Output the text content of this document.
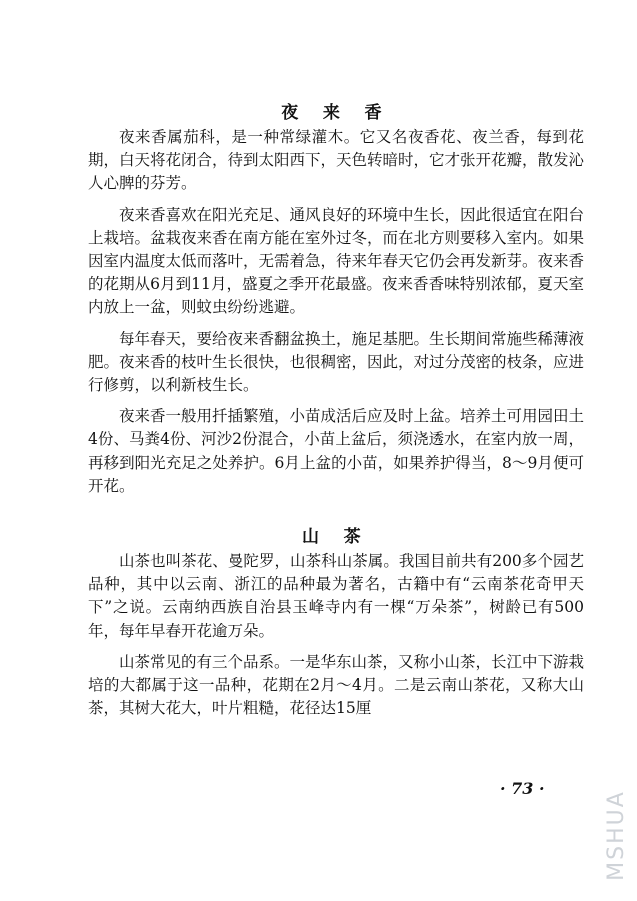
夜 来 香

夜来香属茄科，是一种常绿灌木。它又名夜香花、夜兰香，每到花期，白天将花闭合，待到太阳西下，天色转暗时，它才张开花瓣，散发沁人心脾的芬芳。

夜来香喜欢在阳光充足、通风良好的环境中生长，因此很适宜在阳台上栽培。盆栽夜来香在南方能在室外过冬，而在北方则要移入室内。如果因室内温度太低而落叶，无需着急，待来年春天它仍会再发新芽。夜来香的花期从6月到11月，盛夏之季开花最盛。夜来香香味特别浓郁，夏天室内放上一盆，则蚊虫纷纷逃避。

每年春天，要给夜来香翻盆换土，施足基肥。生长期间常施些稀薄液肥。夜来香的枝叶生长很快，也很稠密，因此，对过分茂密的枝条，应进行修剪，以利新枝生长。

夜来香一般用扦插繁殖，小苗成活后应及时上盆。培养土可用园田土4份、马粪4份、河沙2份混合，小苗上盆后，须浇透水，在室内放一周，再移到阳光充足之处养护。6月上盆的小苗，如果养护得当，8～9月便可开花。

山 茶

山茶也叫茶花、曼陀罗，山茶科山茶属。我国目前共有200多个园艺品种，其中以云南、浙江的品种最为著名，古籍中有“云南茶花奇甲天下”之说。云南纳西族自治县玉峰寺内有一棵“万朵茶”，树龄已有500年，每年早春开花逾万朵。

山茶常见的有三个品系。一是华东山茶，又称小山茶，长江中下游栽培的大都属于这一品种，花期在2月～4月。二是云南山茶花，又称大山茶，其树大花大，叶片粗糙，花径达15厘

· 73 ·
MSHUA
